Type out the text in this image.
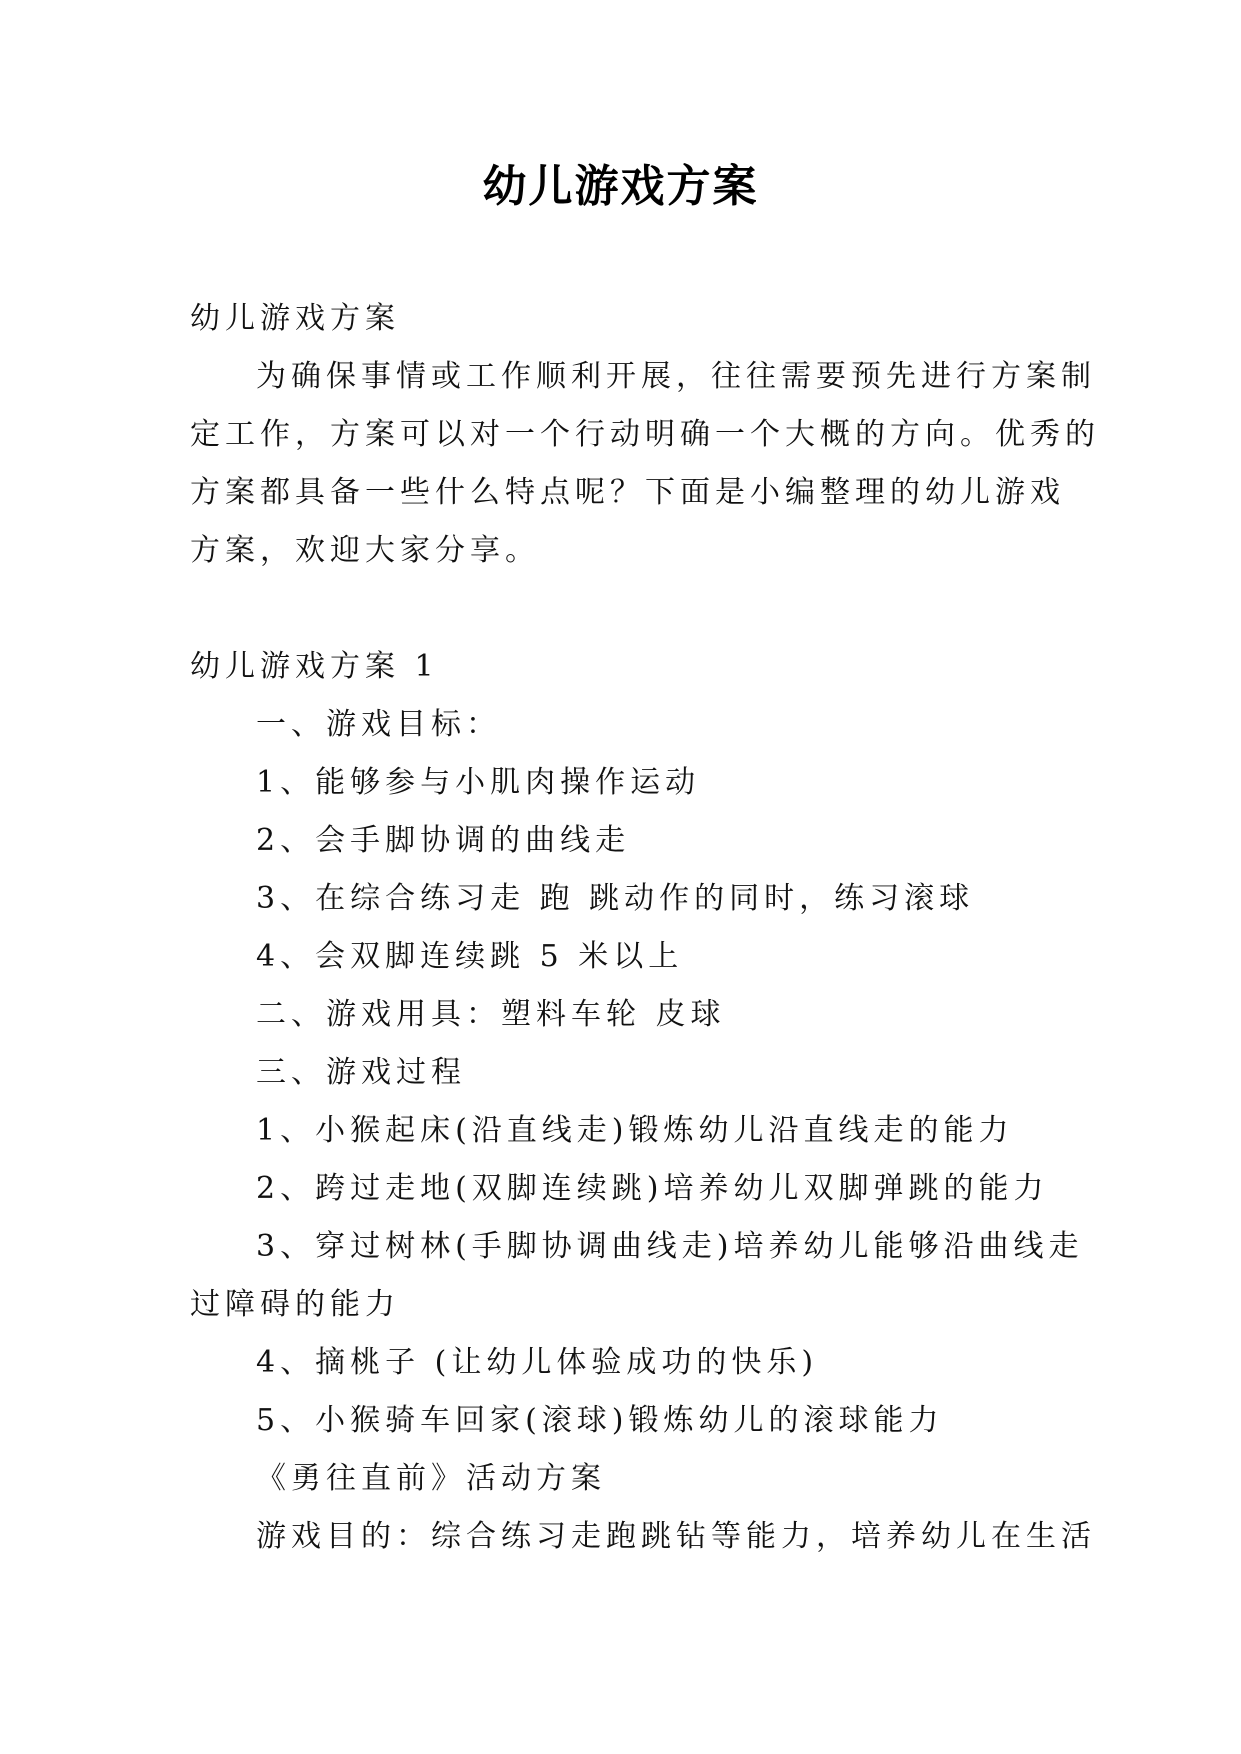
幼儿游戏方案

幼儿游戏方案

为确保事情或工作顺利开展，往往需要预先进行方案制

定工作，方案可以对一个行动明确一个大概的方向。优秀的

方案都具备一些什么特点呢？下面是小编整理的幼儿游戏

方案，欢迎大家分享。

幼儿游戏方案 1

一、游戏目标：

1、能够参与小肌肉操作运动

2、会手脚协调的曲线走

3、在综合练习走 跑 跳动作的同时，练习滚球

4、会双脚连续跳 5 米以上

二、游戏用具：塑料车轮 皮球

三、游戏过程

1、小猴起床(沿直线走)锻炼幼儿沿直线走的能力

2、跨过走地(双脚连续跳)培养幼儿双脚弹跳的能力

3、穿过树林(手脚协调曲线走)培养幼儿能够沿曲线走

过障碍的能力

4、摘桃子 (让幼儿体验成功的快乐)

5、小猴骑车回家(滚球)锻炼幼儿的滚球能力

《勇往直前》活动方案

游戏目的：综合练习走跑跳钻等能力，培养幼儿在生活
